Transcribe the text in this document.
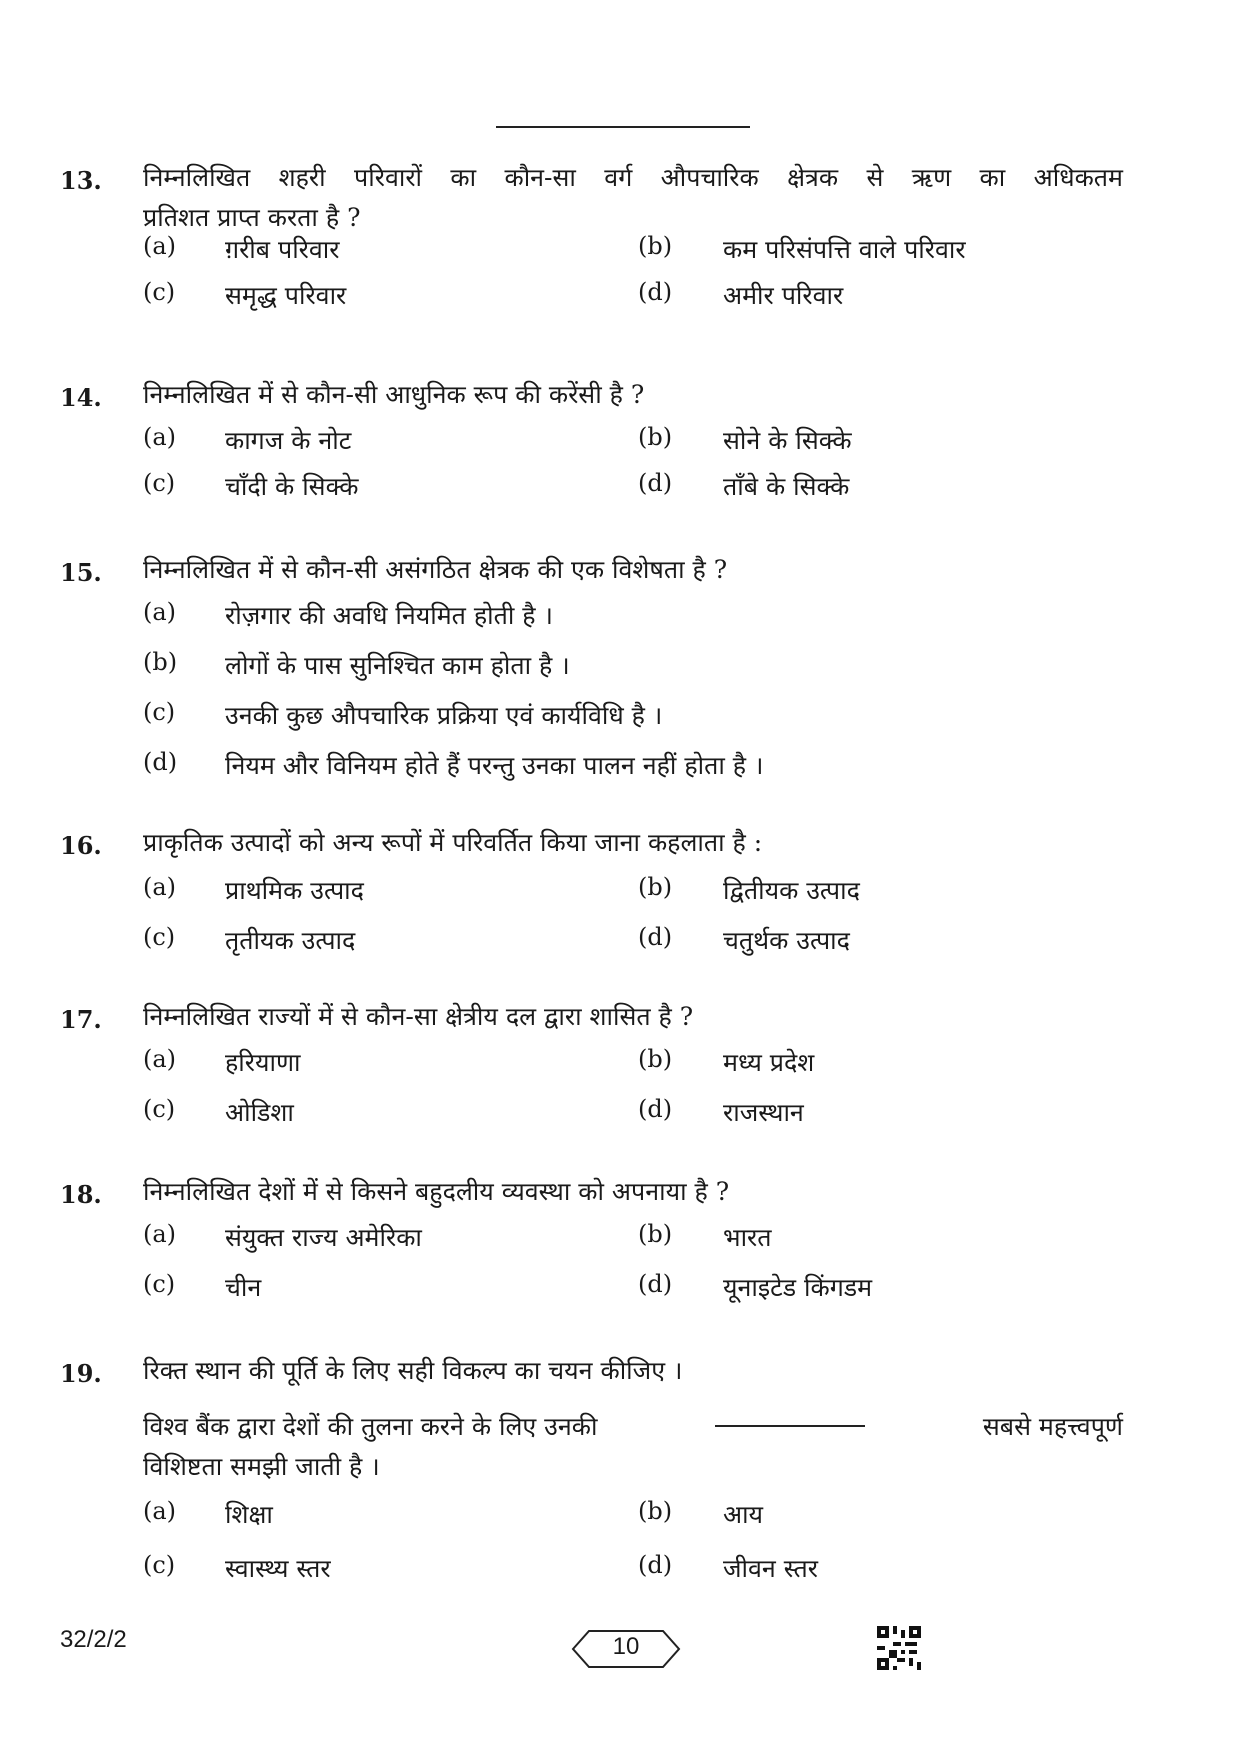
13. निम्नलिखित शहरी परिवारों का कौन-सा वर्ग औपचारिक क्षेत्रक से ऋण का अधिकतम
प्रतिशत प्राप्त करता है ?
(a)	ग़रीब परिवार	(b)	कम परिसंपत्ति वाले परिवार
(c)	समृद्ध परिवार	(d)	अमीर परिवार
14. निम्नलिखित में से कौन-सी आधुनिक रूप की करेंसी है ?
(a)	कागज के नोट	(b)	सोने के सिक्के
(c)	चाँदी के सिक्के	(d)	ताँबे के सिक्के
15. निम्नलिखित में से कौन-सी असंगठित क्षेत्रक की एक विशेषता है ?
(a)	रोज़गार की अवधि नियमित होती है ।
(b)	लोगों के पास सुनिश्चित काम होता है ।
(c)	उनकी कुछ औपचारिक प्रक्रिया एवं कार्यविधि है ।
(d)	नियम और विनियम होते हैं परन्तु उनका पालन नहीं होता है ।
16. प्राकृतिक उत्पादों को अन्य रूपों में परिवर्तित किया जाना कहलाता है :
(a)	प्राथमिक उत्पाद	(b)	द्वितीयक उत्पाद
(c)	तृतीयक उत्पाद	(d)	चतुर्थक उत्पाद
17. निम्नलिखित राज्यों में से कौन-सा क्षेत्रीय दल द्वारा शासित है ?
(a)	हरियाणा	(b)	मध्य प्रदेश
(c)	ओडिशा	(d)	राजस्थान
18. निम्नलिखित देशों में से किसने बहुदलीय व्यवस्था को अपनाया है ?
(a)	संयुक्त राज्य अमेरिका	(b)	भारत
(c)	चीन	(d)	यूनाइटेड किंगडम
19. रिक्त स्थान की पूर्ति के लिए सही विकल्प का चयन कीजिए ।
विश्व बैंक द्वारा देशों की तुलना करने के लिए उनकी	सबसे महत्त्वपूर्ण
विशिष्टता समझी जाती है ।
(a)	शिक्षा	(b)	आय
(c)	स्वास्थ्य स्तर	(d)	जीवन स्तर
32/2/2	10
